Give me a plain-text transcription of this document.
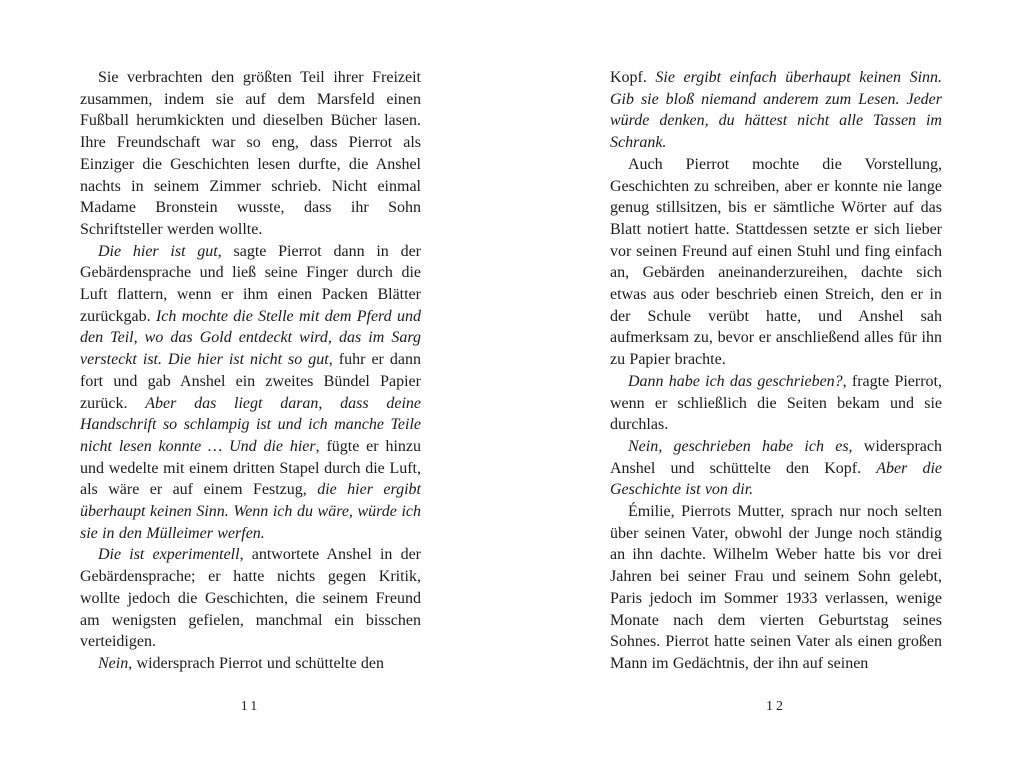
Sie verbrachten den größten Teil ihrer Freizeit zusammen, indem sie auf dem Marsfeld einen Fußball herumkickten und dieselben Bücher lasen. Ihre Freundschaft war so eng, dass Pierrot als Einziger die Geschichten lesen durfte, die Anshel nachts in seinem Zimmer schrieb. Nicht einmal Madame Bronstein wusste, dass ihr Sohn Schriftsteller werden wollte.

Die hier ist gut, sagte Pierrot dann in der Gebärdensprache und ließ seine Finger durch die Luft flattern, wenn er ihm einen Packen Blätter zurückgab. Ich mochte die Stelle mit dem Pferd und den Teil, wo das Gold entdeckt wird, das im Sarg versteckt ist. Die hier ist nicht so gut, fuhr er dann fort und gab Anshel ein zweites Bündel Papier zurück. Aber das liegt daran, dass deine Handschrift so schlampig ist und ich manche Teile nicht lesen konnte … Und die hier, fügte er hinzu und wedelte mit einem dritten Stapel durch die Luft, als wäre er auf einem Festzug, die hier ergibt überhaupt keinen Sinn. Wenn ich du wäre, würde ich sie in den Mülleimer werfen.

Die ist experimentell, antwortete Anshel in der Gebärdensprache; er hatte nichts gegen Kritik, wollte jedoch die Geschichten, die seinem Freund am wenigsten gefielen, manchmal ein bisschen verteidigen.

Nein, widersprach Pierrot und schüttelte den

11

Kopf. Sie ergibt einfach überhaupt keinen Sinn. Gib sie bloß niemand anderem zum Lesen. Jeder würde denken, du hättest nicht alle Tassen im Schrank.

Auch Pierrot mochte die Vorstellung, Geschichten zu schreiben, aber er konnte nie lange genug stillsitzen, bis er sämtliche Wörter auf das Blatt notiert hatte. Stattdessen setzte er sich lieber vor seinen Freund auf einen Stuhl und fing einfach an, Gebärden aneinanderzureihen, dachte sich etwas aus oder beschrieb einen Streich, den er in der Schule verübt hatte, und Anshel sah aufmerksam zu, bevor er anschließend alles für ihn zu Papier brachte.

Dann habe ich das geschrieben?, fragte Pierrot, wenn er schließlich die Seiten bekam und sie durchlas.

Nein, geschrieben habe ich es, widersprach Anshel und schüttelte den Kopf. Aber die Geschichte ist von dir.

Émilie, Pierrots Mutter, sprach nur noch selten über seinen Vater, obwohl der Junge noch ständig an ihn dachte. Wilhelm Weber hatte bis vor drei Jahren bei seiner Frau und seinem Sohn gelebt, Paris jedoch im Sommer 1933 verlassen, wenige Monate nach dem vierten Geburtstag seines Sohnes. Pierrot hatte seinen Vater als einen großen Mann im Gedächtnis, der ihn auf seinen

12
